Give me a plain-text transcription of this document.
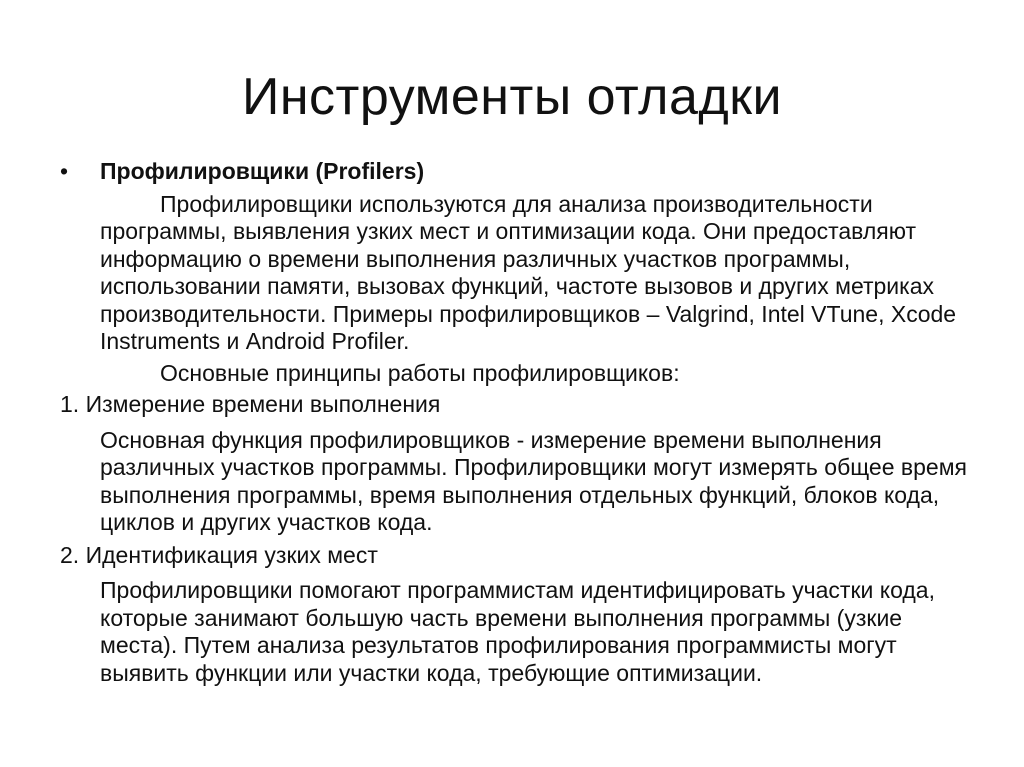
Инструменты отладки
•	Профилировщики (Profilers)
Профилировщики используются для анализа производительности программы, выявления узких мест и оптимизации кода. Они предоставляют информацию о времени выполнения различных участков программы, использовании памяти, вызовах функций, частоте вызовов и других метриках производительности. Примеры профилировщиков – Valgrind, Intel VTune, Xcode Instruments и Android Profiler.
Основные принципы работы профилировщиков:
1. Измерение времени выполнения
Основная функция профилировщиков - измерение времени выполнения различных участков программы. Профилировщики могут измерять общее время выполнения программы, время выполнения отдельных функций, блоков кода, циклов и других участков кода.
2. Идентификация узких мест
Профилировщики помогают программистам идентифицировать участки кода, которые занимают большую часть времени выполнения программы (узкие места). Путем анализа результатов профилирования программисты могут выявить функции или участки кода, требующие оптимизации.
